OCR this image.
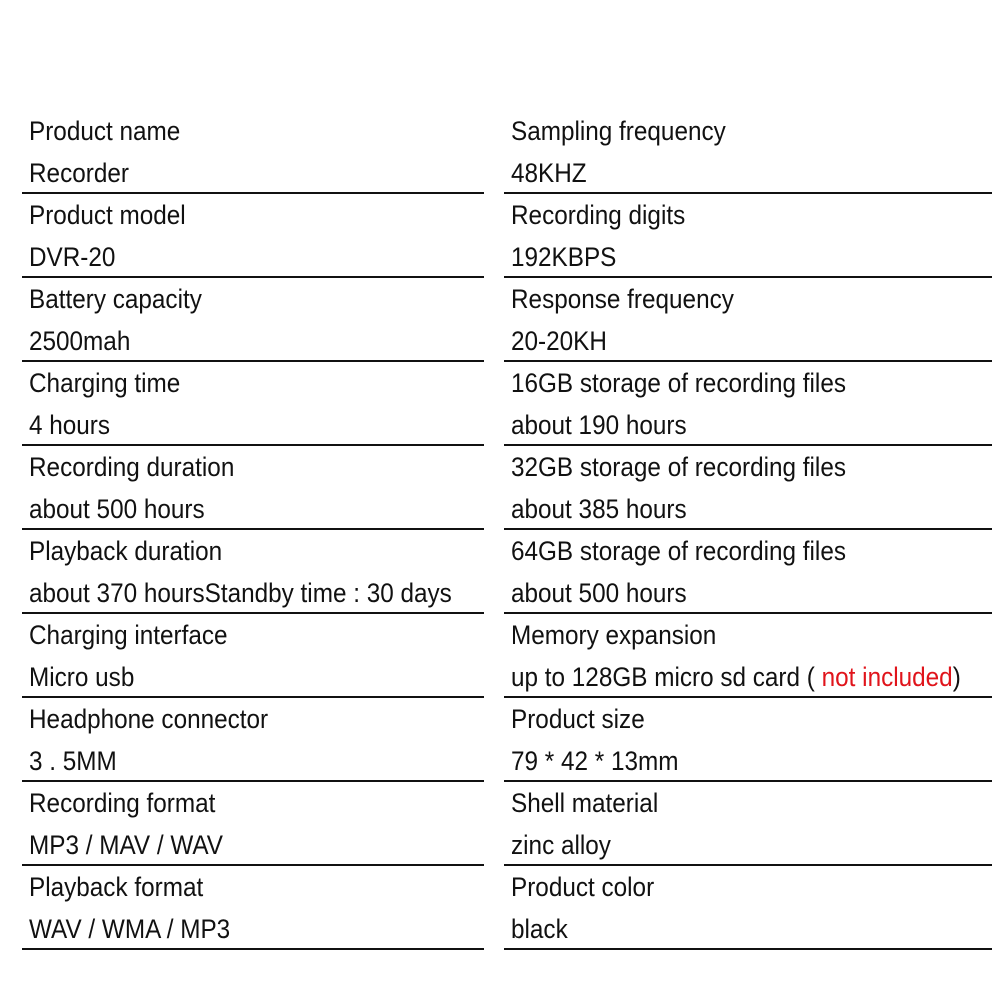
Product name
Recorder
Product model
DVR-20
Battery capacity
2500mah
Charging time
4 hours
Recording duration
about 500 hours
Playback duration
about 370 hoursStandby time : 30 days
Charging interface
Micro usb
Headphone connector
3 . 5MM
Recording format
MP3 / MAV / WAV
Playback format
WAV / WMA / MP3
Sampling frequency
48KHZ
Recording digits
192KBPS
Response frequency
20-20KH
16GB storage of recording files
about 190 hours
32GB storage of recording files
about 385 hours
64GB storage of recording files
about 500 hours
Memory expansion
up to 128GB micro sd card ( not included)
Product size
79 * 42 * 13mm
Shell material
zinc alloy
Product color
black
